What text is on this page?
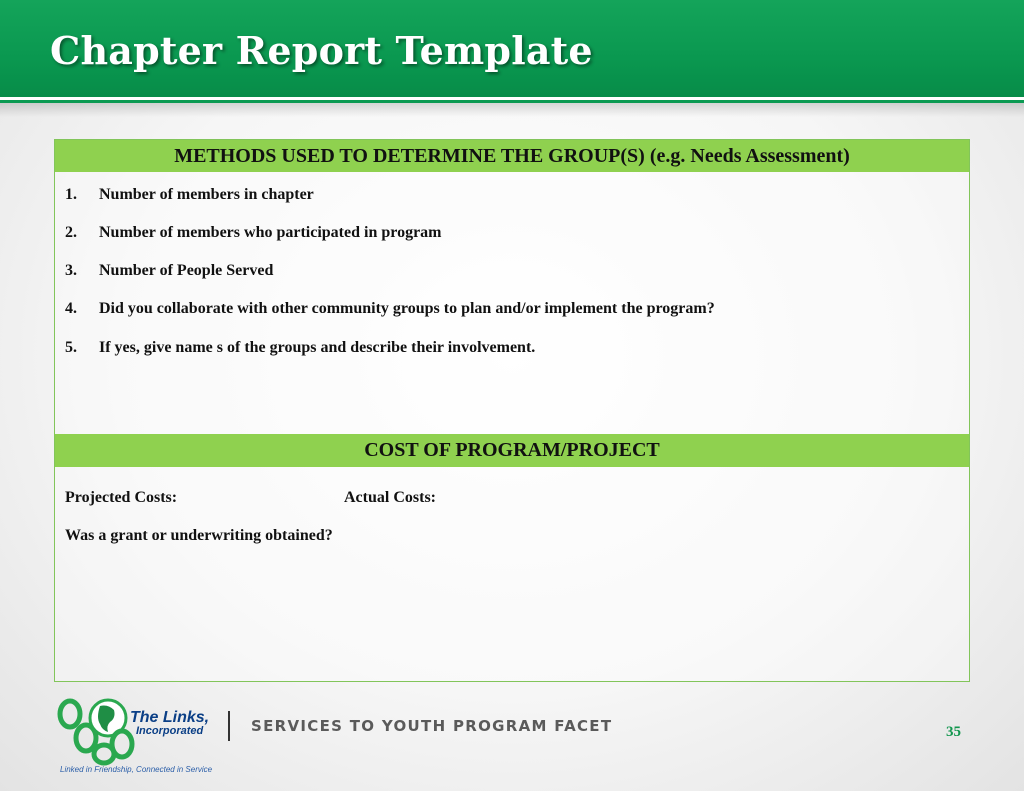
Chapter Report Template
METHODS USED TO DETERMINE THE GROUP(S) (e.g. Needs Assessment)
1. Number of members in chapter
2. Number of members who participated in program
3. Number of People Served
4. Did you collaborate with other community groups to plan and/or implement the program?
5. If yes, give name s of the groups and describe their involvement.
COST OF PROGRAM/PROJECT
Projected Costs:	Actual Costs:
Was a grant or underwriting obtained?
The Links,
Incorporated
Linked in Friendship, Connected in Service

SERVICES TO YOUTH PROGRAM FACET	35
